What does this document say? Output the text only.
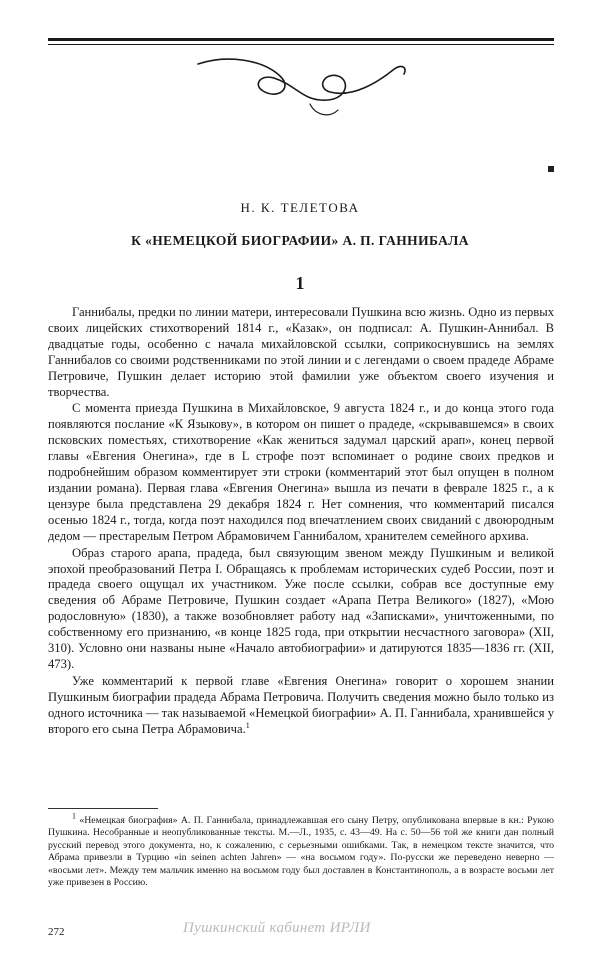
Н. К. ТЕЛЕТОВА
К «НЕМЕЦКОЙ БИОГРАФИИ» А. П. ГАННИБАЛА
1

Ганнибалы, предки по линии матери, интересовали Пушкина всю жизнь. Одно из первых своих лицейских стихотворений 1814 г., «Казак», он подписал: А. Пушкин-Аннибал. В двадцатые годы, особенно с начала михайловской ссылки, соприкоснувшись на землях Ганнибалов со своими родственниками по этой линии и с легендами о своем прадеде Абраме Петровиче, Пушкин делает историю этой фамилии уже объектом своего изучения и творчества.

С момента приезда Пушкина в Михайловское, 9 августа 1824 г., и до конца этого года появляются послание «К Языкову», в котором он пишет о прадеде, «скрывавшемся» в своих псковских поместьях, стихотворение «Как жениться задумал царский арап», конец первой главы «Евгения Онегина», где в L строфе поэт вспоминает о родине своих предков и подробнейшим образом комментирует эти строки (комментарий этот был опущен в полном издании романа). Первая глава «Евгения Онегина» вышла из печати в феврале 1825 г., а к цензуре была представлена 29 декабря 1824 г. Нет сомнения, что комментарий писался осенью 1824 г., тогда, когда поэт находился под впечатлением своих свиданий с двоюродным дедом — престарелым Петром Абрамовичем Ганнибалом, хранителем семейного архива.

Образ старого арапа, прадеда, был связующим звеном между Пушкиным и великой эпохой преобразований Петра I. Обращаясь к проблемам исторических судеб России, поэт и прадеда своего ощущал их участником. Уже после ссылки, собрав все доступные ему сведения об Абраме Петровиче, Пушкин создает «Арапа Петра Великого» (1827), «Мою родословную» (1830), а также возобновляет работу над «Записками», уничтоженными, по собственному его признанию, «в конце 1825 года, при открытии несчастного заговора» (XII, 310). Условно они названы ныне «Начало автобиографии» и датируются 1835—1836 гг. (XII, 473).

Уже комментарий к первой главе «Евгения Онегина» говорит о хорошем знании Пушкиным биографии прадеда Абрама Петровича. Получить сведения можно было только из одного источника — так называемой «Немецкой биографии» А. П. Ганнибала, хранившейся у второго его сына Петра Абрамовича.$^1$

$^1$ «Немецкая биография» А. П. Ганнибала, принадлежавшая его сыну Петру, опубликована впервые в кн.: Рукою Пушкина. Несобранные и неопубликованные тексты. М.—Л., 1935, с. 43—49. На с. 50—56 той же книги дан полный русский перевод этого документа, но, к сожалению, с серьезными ошибками. Так, в немецком тексте значится, что Абрама привезли в Турцию «in seinen achten Jahren» — «на восьмом году». По-русски же переведено неверно — «восьми лет». Между тем мальчик именно на восьмом году был доставлен в Константинополь, а в возрасте восьми лет уже привезен в Россию.

272	Пушкинский кабинет ИРЛИ
